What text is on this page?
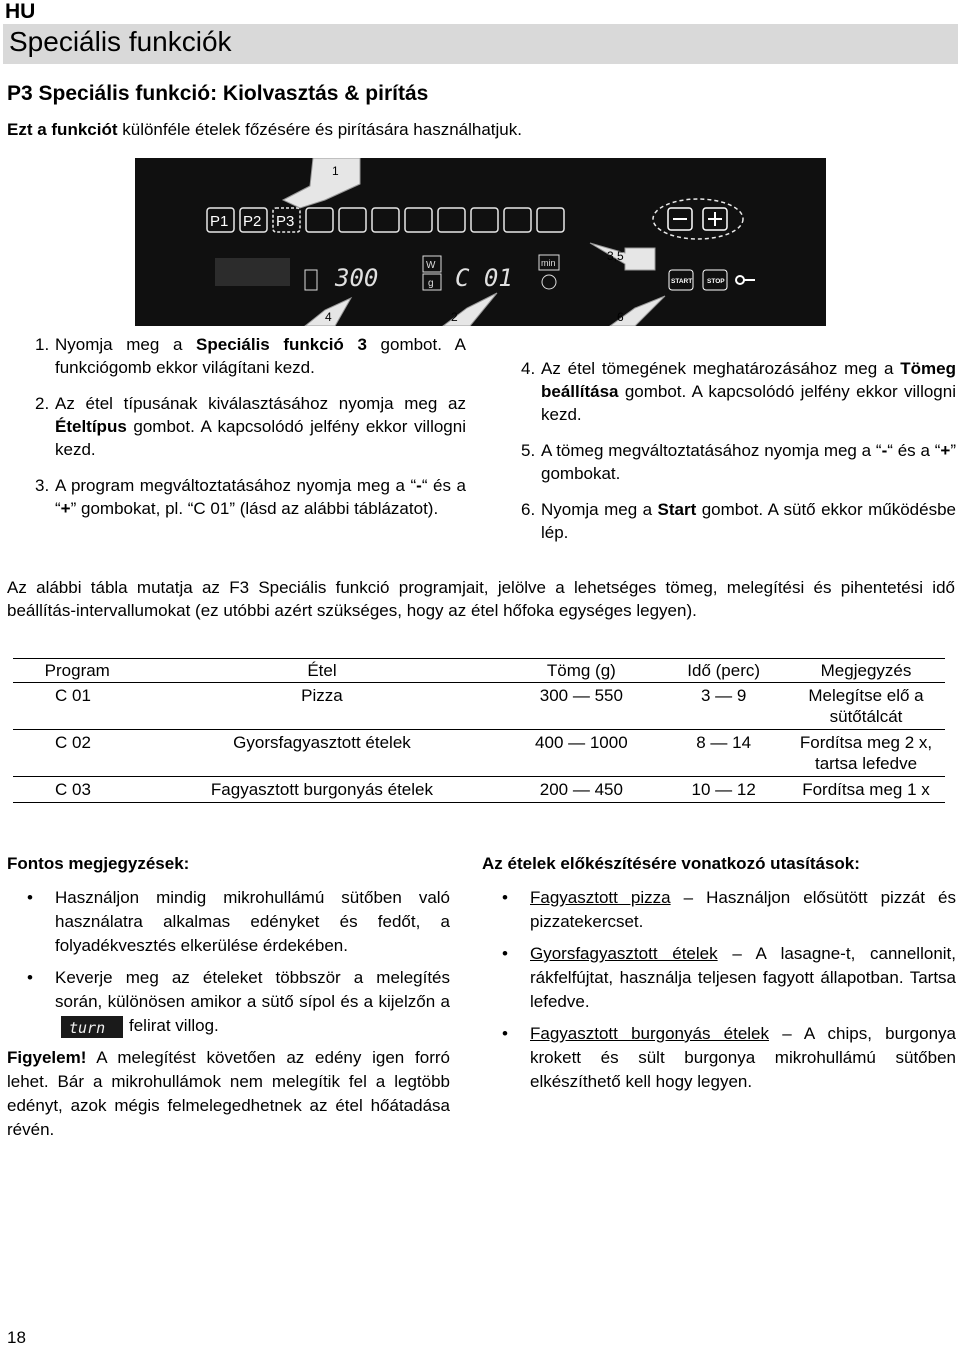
HU
Speciális funkciók
P3 Speciális funkció: Kiolvasztás & pirítás
Ezt a funkciót különféle ételek főzésére és pirítására használhatjuk.
P1 P2 P3
300	W
g C 01
min
START STOP
1
3,5
4	2	6
1. Nyomja meg a Speciális funkció 3 gombot. A funkciógomb ekkor világítani kezd.
2. Az étel típusának kiválasztásához nyomja meg az Ételtípus gombot. A kapcsolódó jelfény ekkor villogni kezd.
3. A program megváltoztatásához nyomja meg a “-“ és a “+” gombokat, pl. “C 01” (lásd az alábbi táblázatot).
4. Az étel tömegének meghatározásához meg a Tömeg beállítása gombot. A kapcsolódó jelfény ekkor villogni kezd.
5. A tömeg megváltoztatásához nyomja meg a “-“ és a “+” gombokat.
6. Nyomja meg a Start gombot. A sütő ekkor működésbe lép.
Az alábbi tábla mutatja az F3 Speciális funkció programjait, jelölve a lehetséges tömeg, melegítési és pihentetési idő beállítás-intervallumokat (ez utóbbi azért szükséges, hogy az étel hőfoka egységes legyen).
Program	Étel	Tömg (g)	Idő (perc)	Megjegyzés
C 01	Pizza	300 — 550	3 — 9	Melegítse elő a sütőtálcát
C 02	Gyorsfagyasztott ételek	400 — 1000	8 — 14	Fordítsa meg 2 x, tartsa lefedve
C 03	Fagyasztott burgonyás ételek	200 — 450	10 — 12	Fordítsa meg 1 x
Fontos megjegyzések:
• Használjon mindig mikrohullámú sütőben való használatra alkalmas edényket és fedőt, a folyadékvesztés elkerülése érdekében.
• Keverje meg az ételeket többször a melegítés során, különösen amikor a sütő sípol és a kijelzőn a
turn felirat villog.
Figyelem! A melegítést követően az edény igen forró lehet. Bár a mikrohullámok nem melegítik fel a legtöbb edényt, azok mégis felmelegedhetnek az étel hőátadása révén.
Az ételek előkészítésére vonatkozó utasítások:
• Fagyasztott pizza – Használjon elősütött pizzát és pizzatekercset.
• Gyorsfagyasztott ételek – A lasagne-t, cannellonit, rákfelfújtat, használja teljesen fagyott állapotban. Tartsa lefedve.
• Fagyasztott burgonyás ételek – A chips, burgonya krokett és sült burgonya mikrohullámú sütőben elkészíthető kell hogy legyen.
18
